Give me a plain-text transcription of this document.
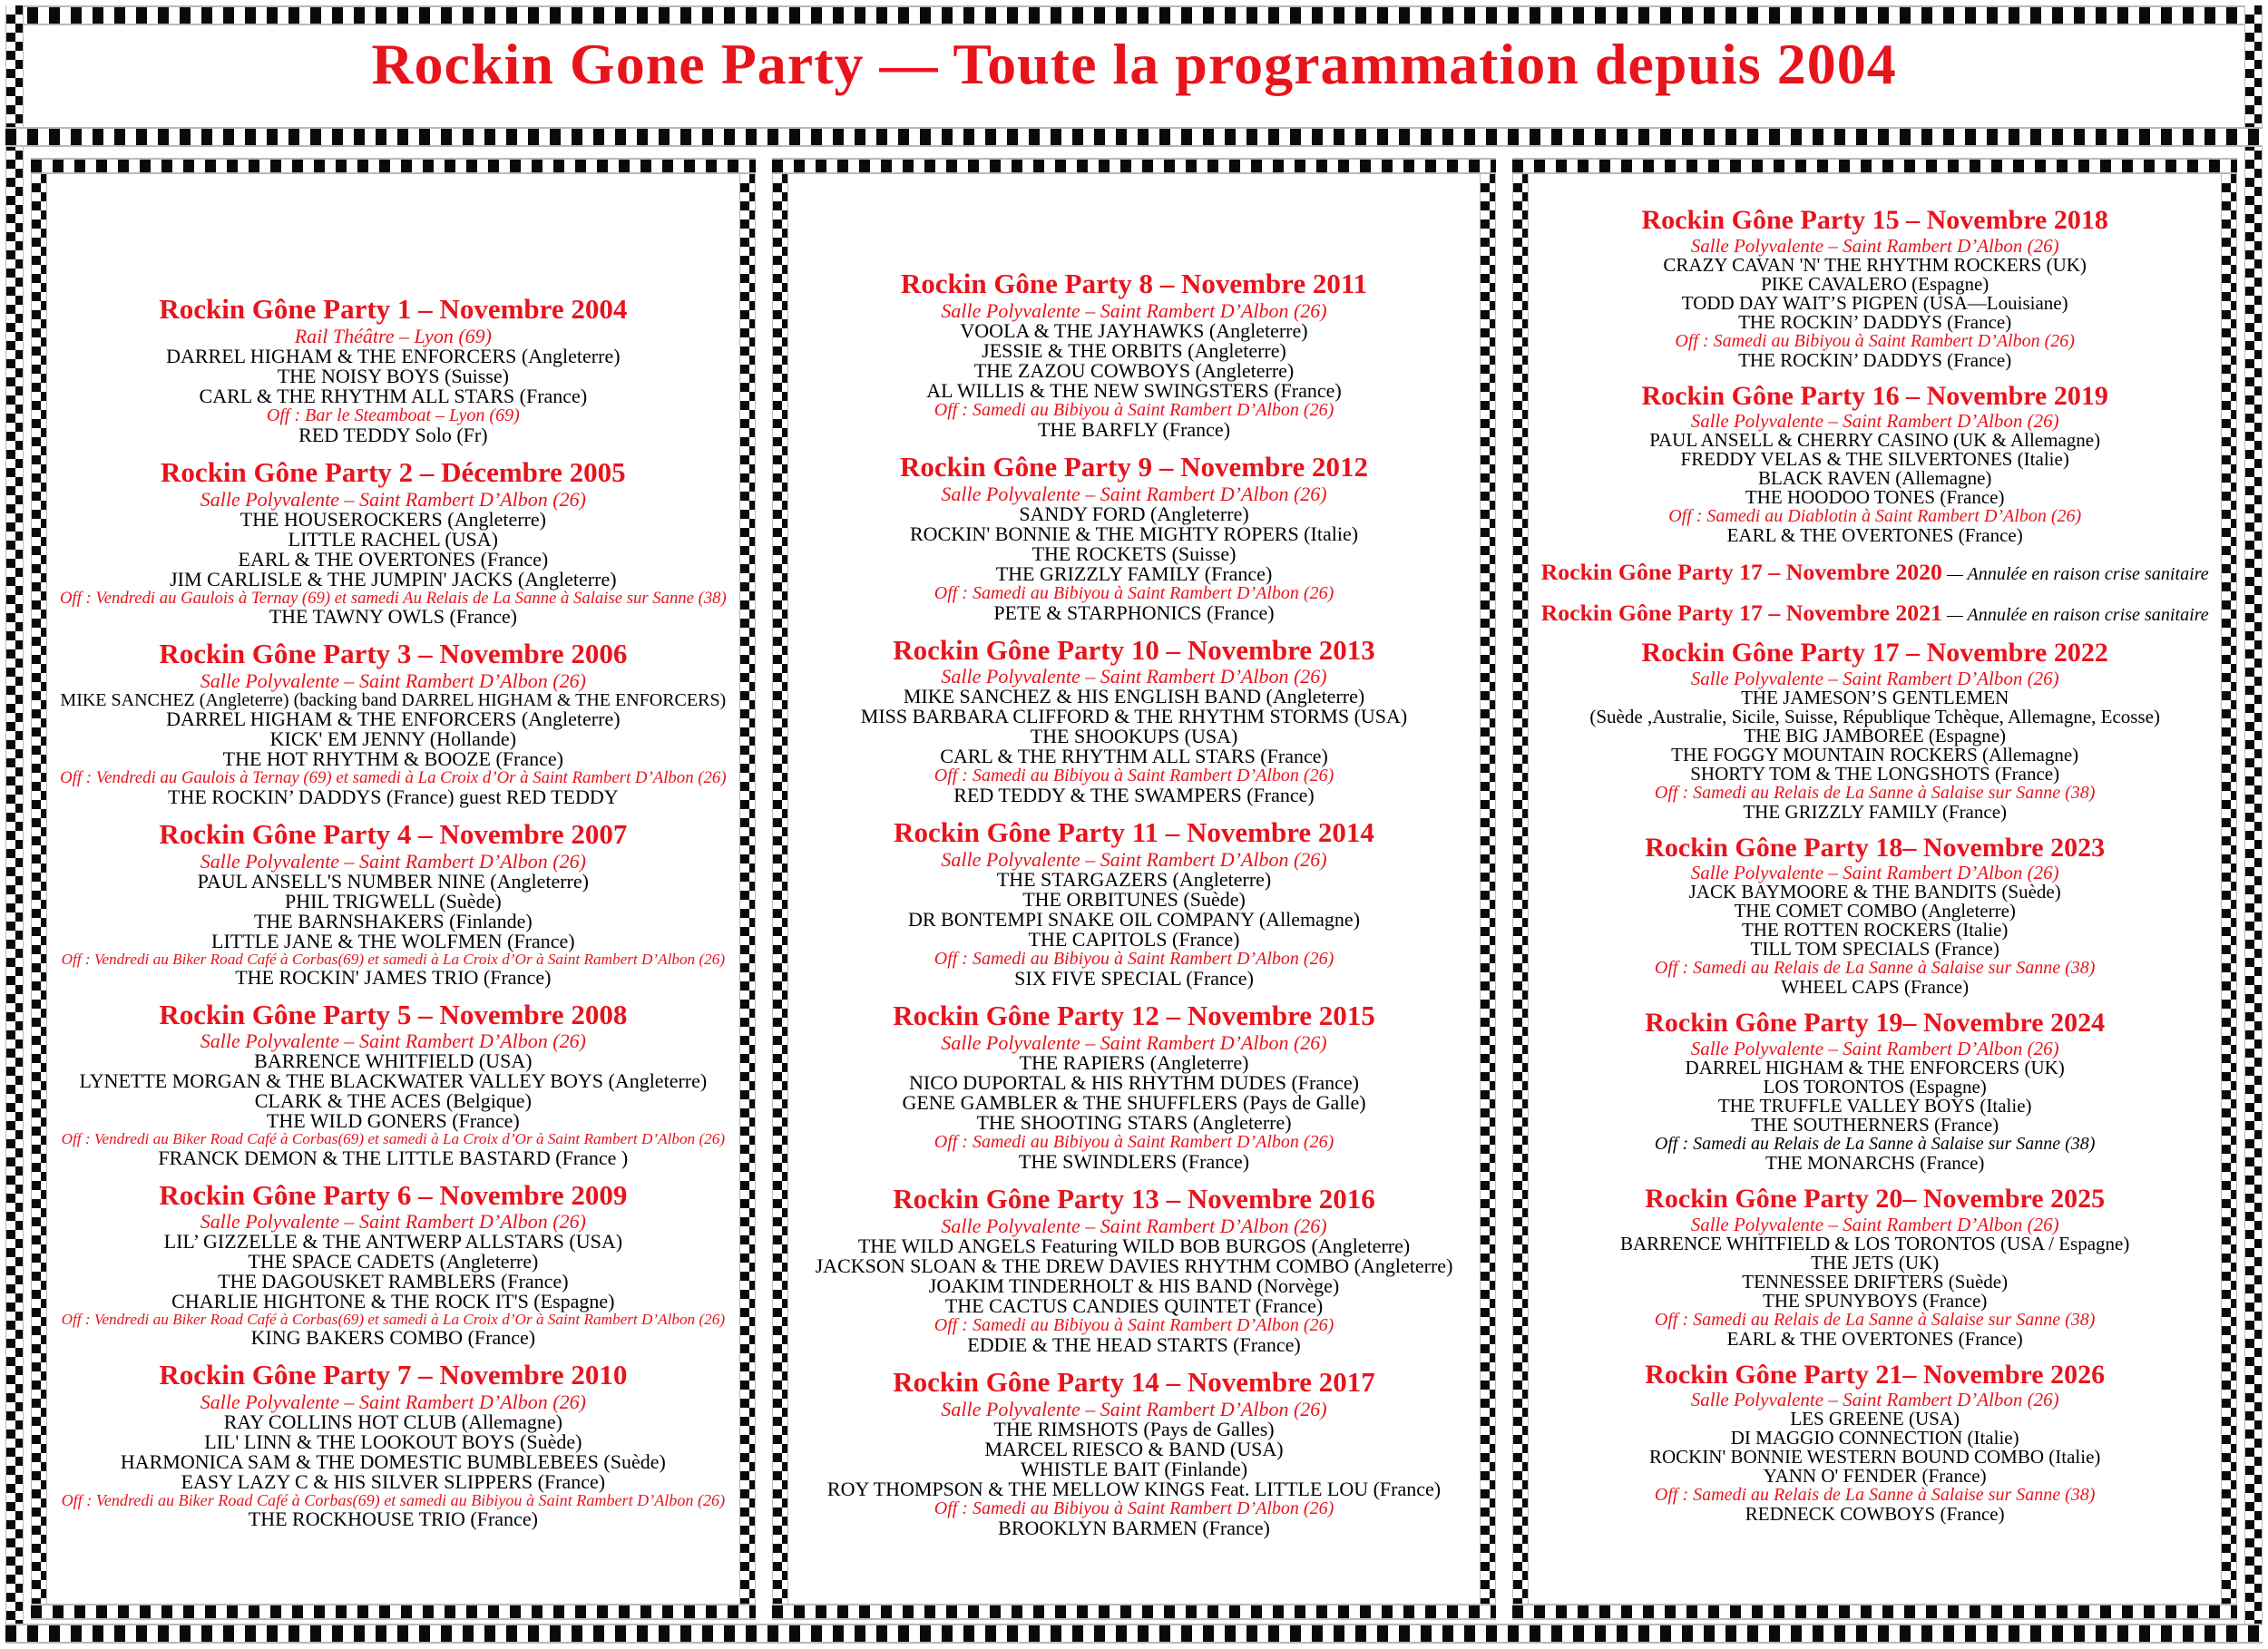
Rockin Gone Party — Toute la programmation depuis 2004
Rockin Gône Party 1 – Novembre 2004
Rail Théâtre – Lyon (69)
DARREL HIGHAM & THE ENFORCERS (Angleterre)
THE NOISY BOYS (Suisse)
CARL & THE RHYTHM ALL STARS (France)
Off : Bar le Steamboat – Lyon (69)
RED TEDDY Solo (Fr)
Rockin Gône Party 2 – Décembre 2005
Salle Polyvalente – Saint Rambert D’Albon (26)
THE HOUSEROCKERS (Angleterre)
LITTLE RACHEL (USA)
EARL & THE OVERTONES (France)
JIM CARLISLE & THE JUMPIN' JACKS (Angleterre)
Off : Vendredi au Gaulois à Ternay (69) et samedi Au Relais de La Sanne à Salaise sur Sanne (38)
THE TAWNY OWLS (France)
Rockin Gône Party 3 – Novembre 2006
Salle Polyvalente – Saint Rambert D’Albon (26)
MIKE SANCHEZ (Angleterre) (backing band DARREL HIGHAM & THE ENFORCERS)
DARREL HIGHAM & THE ENFORCERS (Angleterre)
KICK' EM JENNY (Hollande)
THE HOT RHYTHM & BOOZE (France)
Off : Vendredi au Gaulois à Ternay (69) et samedi à La Croix d’Or à Saint Rambert D’Albon (26)
THE ROCKIN’ DADDYS (France) guest RED TEDDY
Rockin Gône Party 4 – Novembre 2007
Salle Polyvalente – Saint Rambert D’Albon (26)
PAUL ANSELL'S NUMBER NINE (Angleterre)
PHIL TRIGWELL (Suède)
THE BARNSHAKERS (Finlande)
LITTLE JANE & THE WOLFMEN (France)
Off : Vendredi au Biker Road Café à Corbas(69) et samedi à La Croix d’Or à Saint Rambert D’Albon (26)
THE ROCKIN' JAMES TRIO (France)
Rockin Gône Party 5 – Novembre 2008
Salle Polyvalente – Saint Rambert D’Albon (26)
BARRENCE WHITFIELD (USA)
LYNETTE MORGAN & THE BLACKWATER VALLEY BOYS (Angleterre)
CLARK & THE ACES (Belgique)
THE WILD GONERS (France)
Off : Vendredi au Biker Road Café à Corbas(69) et samedi à La Croix d’Or à Saint Rambert D’Albon (26)
FRANCK DEMON & THE LITTLE BASTARD (France )
Rockin Gône Party 6 – Novembre 2009
Salle Polyvalente – Saint Rambert D’Albon (26)
LIL’ GIZZELLE & THE ANTWERP ALLSTARS (USA)
THE SPACE CADETS (Angleterre)
THE DAGOUSKET RAMBLERS (France)
CHARLIE HIGHTONE & THE ROCK IT'S (Espagne)
Off : Vendredi au Biker Road Café à Corbas(69) et samedi à La Croix d’Or à Saint Rambert D’Albon (26)
KING BAKERS COMBO (France)
Rockin Gône Party 7 – Novembre 2010
Salle Polyvalente – Saint Rambert D’Albon (26)
RAY COLLINS HOT CLUB (Allemagne)
LIL' LINN & THE LOOKOUT BOYS (Suède)
HARMONICA SAM & THE DOMESTIC BUMBLEBEES (Suède)
EASY LAZY C & HIS SILVER SLIPPERS (France)
Off : Vendredi au Biker Road Café à Corbas(69) et samedi au Bibiyou à Saint Rambert D’Albon (26)
THE ROCKHOUSE TRIO (France)
Rockin Gône Party 8 – Novembre 2011
Salle Polyvalente – Saint Rambert D’Albon (26)
VOOLA & THE JAYHAWKS (Angleterre)
JESSIE & THE ORBITS (Angleterre)
THE ZAZOU COWBOYS (Angleterre)
AL WILLIS & THE NEW SWINGSTERS (France)
Off : Samedi au Bibiyou à Saint Rambert D’Albon (26)
THE BARFLY (France)
Rockin Gône Party 9 – Novembre 2012
Salle Polyvalente – Saint Rambert D’Albon (26)
SANDY FORD (Angleterre)
ROCKIN' BONNIE & THE MIGHTY ROPERS (Italie)
THE ROCKETS (Suisse)
THE GRIZZLY FAMILY (France)
Off : Samedi au Bibiyou à Saint Rambert D’Albon (26)
PETE & STARPHONICS (France)
Rockin Gône Party 10 – Novembre 2013
Salle Polyvalente – Saint Rambert D’Albon (26)
MIKE SANCHEZ & HIS ENGLISH BAND (Angleterre)
MISS BARBARA CLIFFORD & THE RHYTHM STORMS (USA)
THE SHOOKUPS (USA)
CARL & THE RHYTHM ALL STARS (France)
Off : Samedi au Bibiyou à Saint Rambert D’Albon (26)
RED TEDDY & THE SWAMPERS (France)
Rockin Gône Party 11 – Novembre 2014
Salle Polyvalente – Saint Rambert D’Albon (26)
THE STARGAZERS (Angleterre)
THE ORBITUNES (Suède)
DR BONTEMPI SNAKE OIL COMPANY (Allemagne)
THE CAPITOLS (France)
Off : Samedi au Bibiyou à Saint Rambert D’Albon (26)
SIX FIVE SPECIAL (France)
Rockin Gône Party 12 – Novembre 2015
Salle Polyvalente – Saint Rambert D’Albon (26)
THE RAPIERS (Angleterre)
NICO DUPORTAL & HIS RHYTHM DUDES (France)
GENE GAMBLER & THE SHUFFLERS (Pays de Galle)
THE SHOOTING STARS (Angleterre)
Off : Samedi au Bibiyou à Saint Rambert D’Albon (26)
THE SWINDLERS (France)
Rockin Gône Party 13 – Novembre 2016
Salle Polyvalente – Saint Rambert D’Albon (26)
THE WILD ANGELS Featuring WILD BOB BURGOS (Angleterre)
JACKSON SLOAN & THE DREW DAVIES RHYTHM COMBO (Angleterre)
JOAKIM TINDERHOLT & HIS BAND (Norvège)
THE CACTUS CANDIES QUINTET (France)
Off : Samedi au Bibiyou à Saint Rambert D’Albon (26)
EDDIE & THE HEAD STARTS (France)
Rockin Gône Party 14 – Novembre 2017
Salle Polyvalente – Saint Rambert D’Albon (26)
THE RIMSHOTS (Pays de Galles)
MARCEL RIESCO & BAND (USA)
WHISTLE BAIT (Finlande)
ROY THOMPSON & THE MELLOW KINGS Feat. LITTLE LOU (France)
Off : Samedi au Bibiyou à Saint Rambert D’Albon (26)
BROOKLYN BARMEN (France)
Rockin Gône Party 15 – Novembre 2018
Salle Polyvalente – Saint Rambert D’Albon (26)
CRAZY CAVAN 'N' THE RHYTHM ROCKERS (UK)
PIKE CAVALERO (Espagne)
TODD DAY WAIT’S PIGPEN (USA—Louisiane)
THE ROCKIN’ DADDYS (France)
Off : Samedi au Bibiyou à Saint Rambert D’Albon (26)
THE ROCKIN’ DADDYS (France)
Rockin Gône Party 16 – Novembre 2019
Salle Polyvalente – Saint Rambert D’Albon (26)
PAUL ANSELL & CHERRY CASINO (UK & Allemagne)
FREDDY VELAS & THE SILVERTONES (Italie)
BLACK RAVEN (Allemagne)
THE HOODOO TONES (France)
Off : Samedi au Diablotin à Saint Rambert D’Albon (26)
EARL & THE OVERTONES (France)
Rockin Gône Party 17 – Novembre 2020 — Annulée en raison crise sanitaire
Rockin Gône Party 17 – Novembre 2021 — Annulée en raison crise sanitaire
Rockin Gône Party 17 – Novembre 2022
Salle Polyvalente – Saint Rambert D’Albon (26)
THE JAMESON’S GENTLEMEN
(Suède ,Australie, Sicile, Suisse, République Tchèque, Allemagne, Ecosse)
THE BIG JAMBOREE (Espagne)
THE FOGGY MOUNTAIN ROCKERS (Allemagne)
SHORTY TOM & THE LONGSHOTS (France)
Off : Samedi au Relais de La Sanne à Salaise sur Sanne (38)
THE GRIZZLY FAMILY (France)
Rockin Gône Party 18– Novembre 2023
Salle Polyvalente – Saint Rambert D’Albon (26)
JACK BAYMOORE & THE BANDITS (Suède)
THE COMET COMBO (Angleterre)
THE ROTTEN ROCKERS (Italie)
TILL TOM SPECIALS (France)
Off : Samedi au Relais de La Sanne à Salaise sur Sanne (38)
WHEEL CAPS (France)
Rockin Gône Party 19– Novembre 2024
Salle Polyvalente – Saint Rambert D’Albon (26)
DARREL HIGHAM & THE ENFORCERS (UK)
LOS TORONTOS (Espagne)
THE TRUFFLE VALLEY BOYS (Italie)
THE SOUTHERNERS (France)
Off : Samedi au Relais de La Sanne à Salaise sur Sanne (38)
THE MONARCHS (France)
Rockin Gône Party 20– Novembre 2025
Salle Polyvalente – Saint Rambert D’Albon (26)
BARRENCE WHITFIELD & LOS TORONTOS (USA / Espagne)
THE JETS (UK)
TENNESSEE DRIFTERS (Suède)
THE SPUNYBOYS (France)
Off : Samedi au Relais de La Sanne à Salaise sur Sanne (38)
EARL & THE OVERTONES (France)
Rockin Gône Party 21– Novembre 2026
Salle Polyvalente – Saint Rambert D’Albon (26)
LES GREENE (USA)
DI MAGGIO CONNECTION (Italie)
ROCKIN' BONNIE WESTERN BOUND COMBO (Italie)
YANN O' FENDER (France)
Off : Samedi au Relais de La Sanne à Salaise sur Sanne (38)
REDNECK COWBOYS (France)
